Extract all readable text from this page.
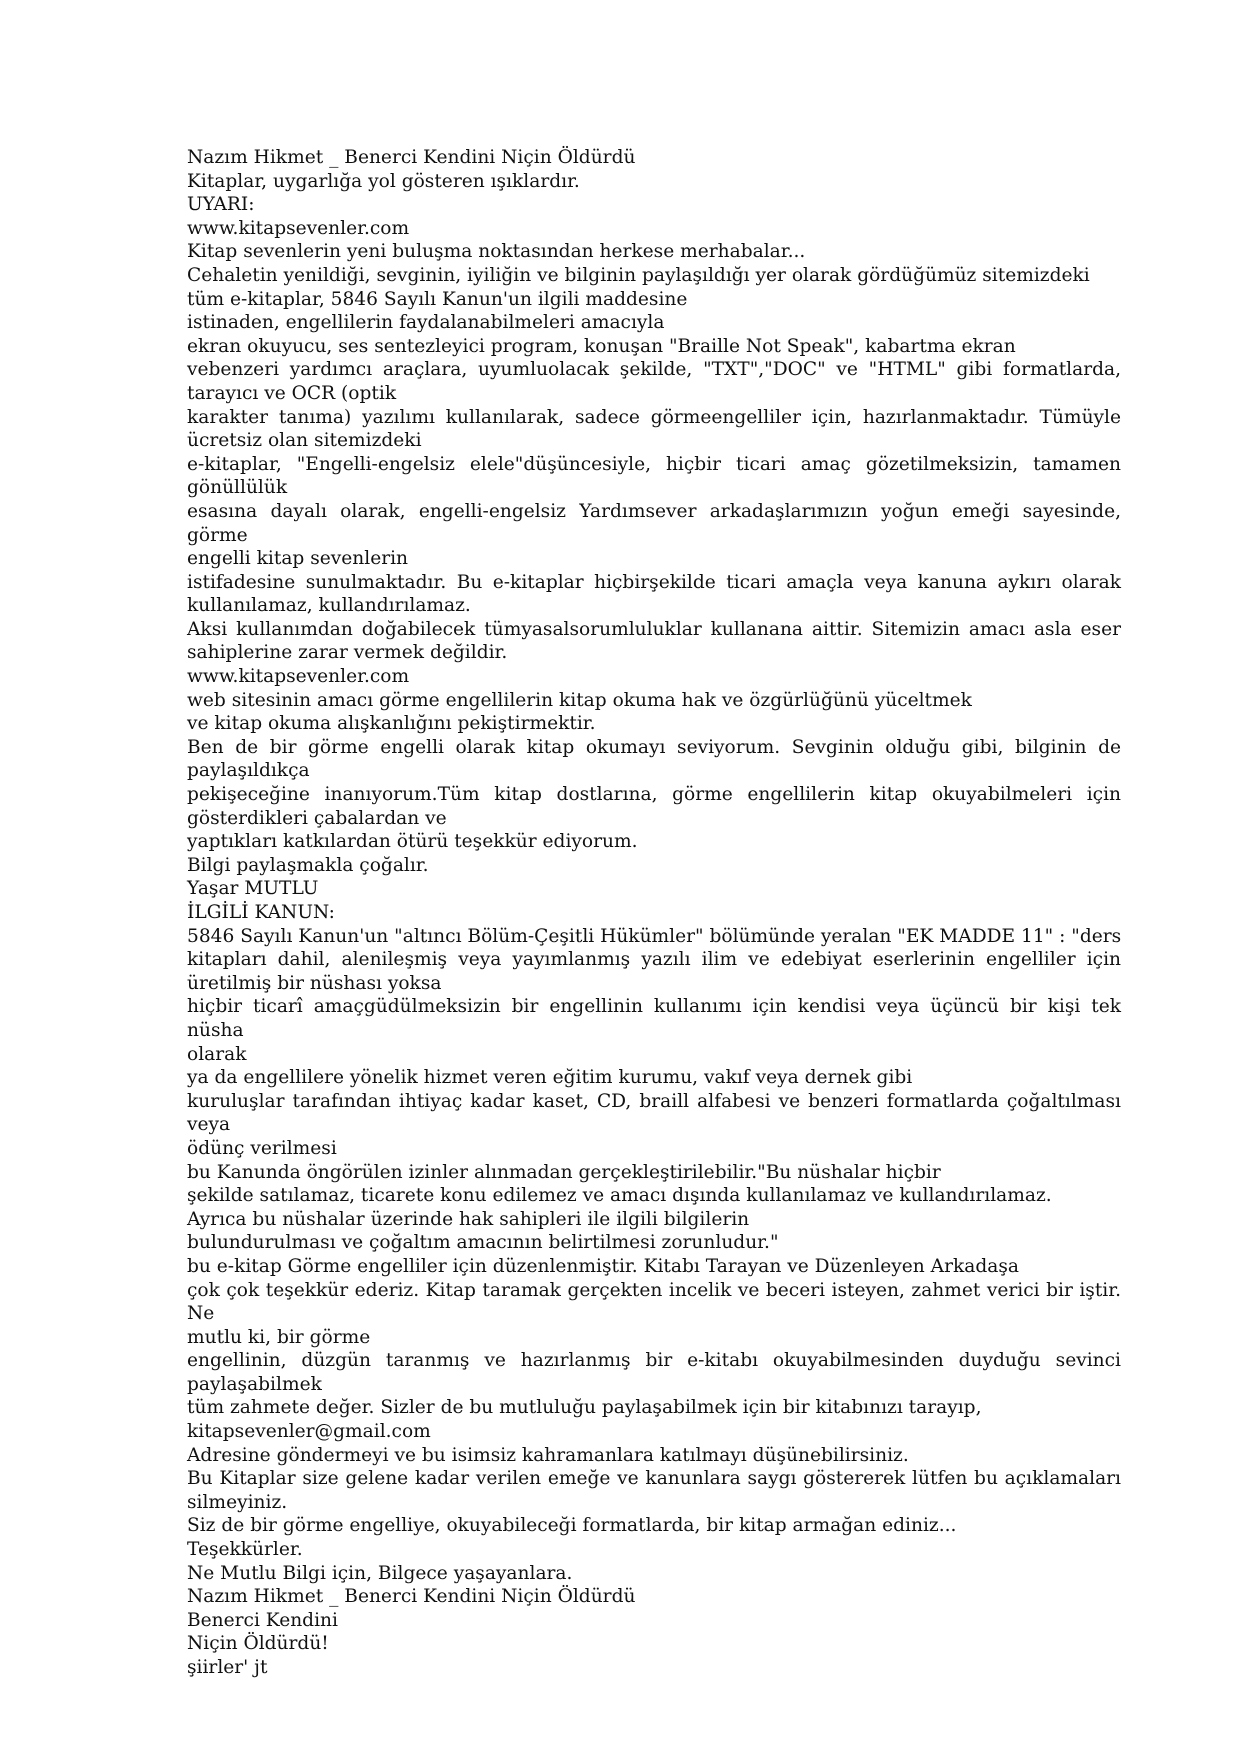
Nazım Hikmet _ Benerci Kendini Niçin Öldürdü
Kitaplar, uygarlığa yol gösteren ışıklardır.
UYARI:
www.kitapsevenler.com
Kitap sevenlerin yeni buluşma noktasından herkese merhabalar...
Cehaletin yenildiği, sevginin, iyiliğin ve bilginin paylaşıldığı yer olarak gördüğümüz sitemizdeki
tüm e-kitaplar, 5846 Sayılı Kanun'un ilgili maddesine
istinaden, engellilerin faydalanabilmeleri amacıyla
ekran okuyucu, ses sentezleyici program, konuşan "Braille Not Speak", kabartma ekran
vebenzeri yardımcı araçlara, uyumluolacak şekilde, "TXT","DOC" ve "HTML" gibi formatlarda,
tarayıcı ve OCR (optik
karakter tanıma) yazılımı kullanılarak, sadece görmeengelliler için, hazırlanmaktadır. Tümüyle
ücretsiz olan sitemizdeki
e-kitaplar, "Engelli-engelsiz elele"düşüncesiyle, hiçbir ticari amaç gözetilmeksizin, tamamen
gönüllülük
esasına dayalı olarak, engelli-engelsiz Yardımsever arkadaşlarımızın yoğun emeği sayesinde, görme
engelli kitap sevenlerin
istifadesine sunulmaktadır. Bu e-kitaplar hiçbirşekilde ticari amaçla veya kanuna aykırı olarak
kullanılamaz, kullandırılamaz.
Aksi kullanımdan doğabilecek tümyasalsorumluluklar kullanana aittir. Sitemizin amacı asla eser
sahiplerine zarar vermek değildir.
www.kitapsevenler.com
web sitesinin amacı görme engellilerin kitap okuma hak ve özgürlüğünü yüceltmek
ve kitap okuma alışkanlığını pekiştirmektir.
Ben de bir görme engelli olarak kitap okumayı seviyorum. Sevginin olduğu gibi, bilginin de
paylaşıldıkça
pekişeceğine inanıyorum.Tüm kitap dostlarına, görme engellilerin kitap okuyabilmeleri için
gösterdikleri çabalardan ve
yaptıkları katkılardan ötürü teşekkür ediyorum.
Bilgi paylaşmakla çoğalır.
Yaşar MUTLU
İLGİLİ KANUN:
5846 Sayılı Kanun'un "altıncı Bölüm-Çeşitli Hükümler" bölümünde yeralan "EK MADDE 11" : "ders
kitapları dahil, alenileşmiş veya yayımlanmış yazılı ilim ve edebiyat eserlerinin engelliler için
üretilmiş bir nüshası yoksa
hiçbir ticarî amaçgüdülmeksizin bir engellinin kullanımı için kendisi veya üçüncü bir kişi tek nüsha
olarak
ya da engellilere yönelik hizmet veren eğitim kurumu, vakıf veya dernek gibi
kuruluşlar tarafından ihtiyaç kadar kaset, CD, braill alfabesi ve benzeri formatlarda çoğaltılması veya
ödünç verilmesi
bu Kanunda öngörülen izinler alınmadan gerçekleştirilebilir."Bu nüshalar hiçbir
şekilde satılamaz, ticarete konu edilemez ve amacı dışında kullanılamaz ve kullandırılamaz.
Ayrıca bu nüshalar üzerinde hak sahipleri ile ilgili bilgilerin
bulundurulması ve çoğaltım amacının belirtilmesi zorunludur."
bu e-kitap Görme engelliler için düzenlenmiştir. Kitabı Tarayan ve Düzenleyen Arkadaşa
çok çok teşekkür ederiz. Kitap taramak gerçekten incelik ve beceri isteyen, zahmet verici bir iştir. Ne
mutlu ki, bir görme
engellinin, düzgün taranmış ve hazırlanmış bir e-kitabı okuyabilmesinden duyduğu sevinci
paylaşabilmek
tüm zahmete değer. Sizler de bu mutluluğu paylaşabilmek için bir kitabınızı tarayıp,
kitapsevenler@gmail.com
Adresine göndermeyi ve bu isimsiz kahramanlara katılmayı düşünebilirsiniz.
Bu Kitaplar size gelene kadar verilen emeğe ve kanunlara saygı göstererek lütfen bu açıklamaları
silmeyiniz.
Siz de bir görme engelliye, okuyabileceği formatlarda, bir kitap armağan ediniz...
Teşekkürler.
Ne Mutlu Bilgi için, Bilgece yaşayanlara.
Nazım Hikmet _ Benerci Kendini Niçin Öldürdü
Benerci Kendini
Niçin Öldürdü!
şiirler' jt
